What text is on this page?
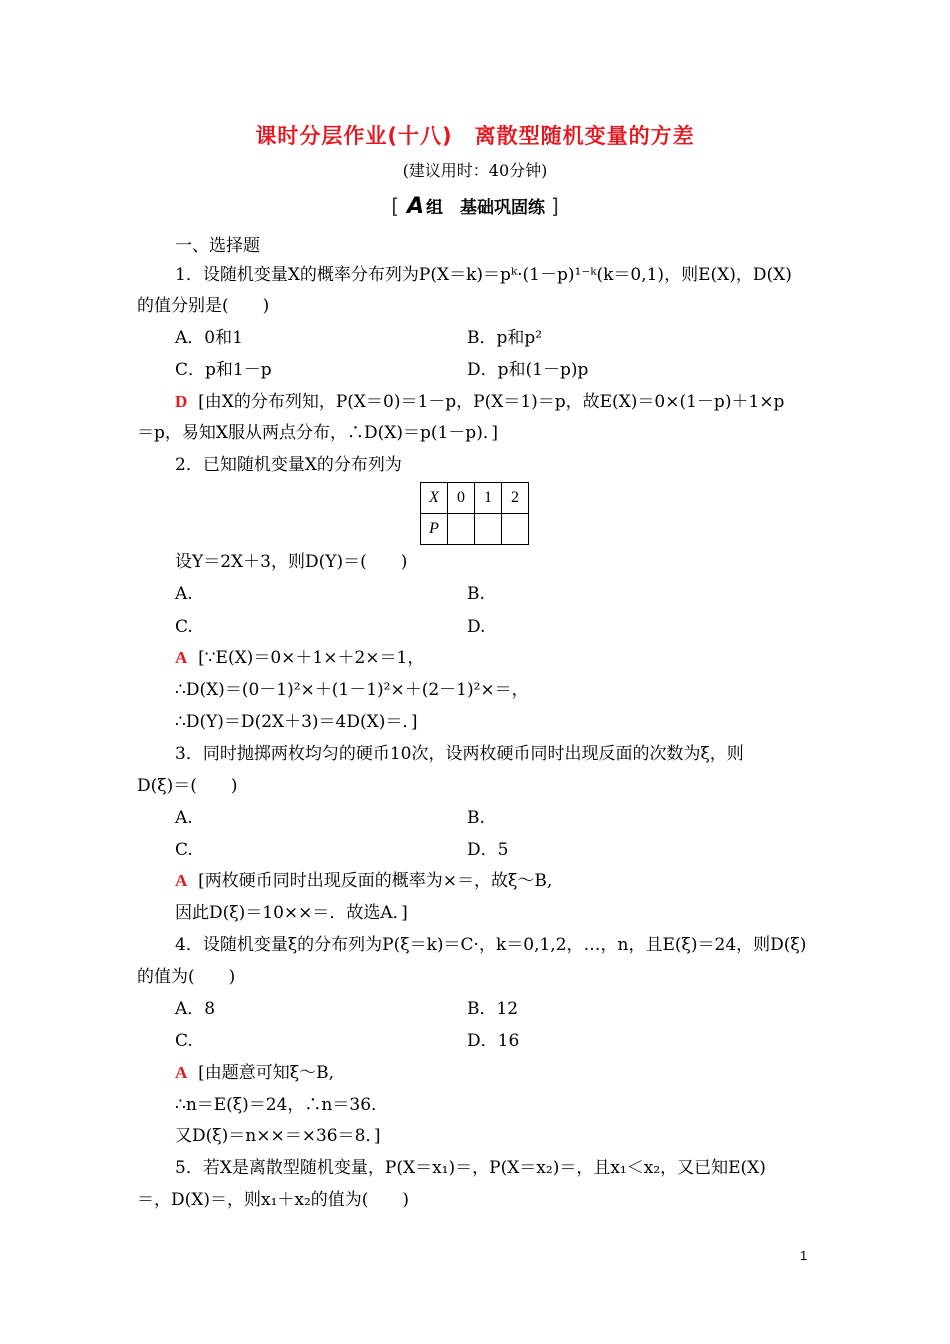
课时分层作业(十八)　离散型随机变量的方差
(建议用时：40分钟)
[ A 组　基础巩固练 ]
一、选择题
1．设随机变量X的概率分布列为P(X＝k)＝pᵏ·(1－p)¹⁻ᵏ(k＝0,1)，则E(X)，D(X)
的值分别是(　　)
A．0和1	B．p和p²
C．p和1－p	D．p和(1－p)p
D [由X的分布列知，P(X＝0)＝1－p，P(X＝1)＝p，故E(X)＝0×(1－p)＋1×p
＝p，易知X服从两点分布，∴D(X)＝p(1－p)．]
2．已知随机变量X的分布列为
X	0	1	2
P			
设Y＝2X＋3，则D(Y)＝(　　)
A.	B.
C.	D.
A [∵E(X)＝0×＋1×＋2×＝1，
∴D(X)＝(0－1)²×＋(1－1)²×＋(2－1)²×＝，
∴D(Y)＝D(2X＋3)＝4D(X)＝．]
3．同时抛掷两枚均匀的硬币10次，设两枚硬币同时出现反面的次数为ξ，则
D(ξ)＝(　　)
A.	B.
C.	D．5
A [两枚硬币同时出现反面的概率为×＝，故ξ～B,
因此D(ξ)＝10××＝．故选A．]
4．设随机变量ξ的分布列为P(ξ＝k)＝C·，k＝0,1,2，…，n，且E(ξ)＝24，则D(ξ)
的值为(　　)
A．8	B．12
C.	D．16
A [由题意可知ξ～B,
∴n＝E(ξ)＝24，∴n＝36．
又D(ξ)＝n××＝×36＝8．]
5．若X是离散型随机变量，P(X＝x₁)＝，P(X＝x₂)＝，且x₁＜x₂，又已知E(X)
＝，D(X)＝，则x₁＋x₂的值为(　　)
1
